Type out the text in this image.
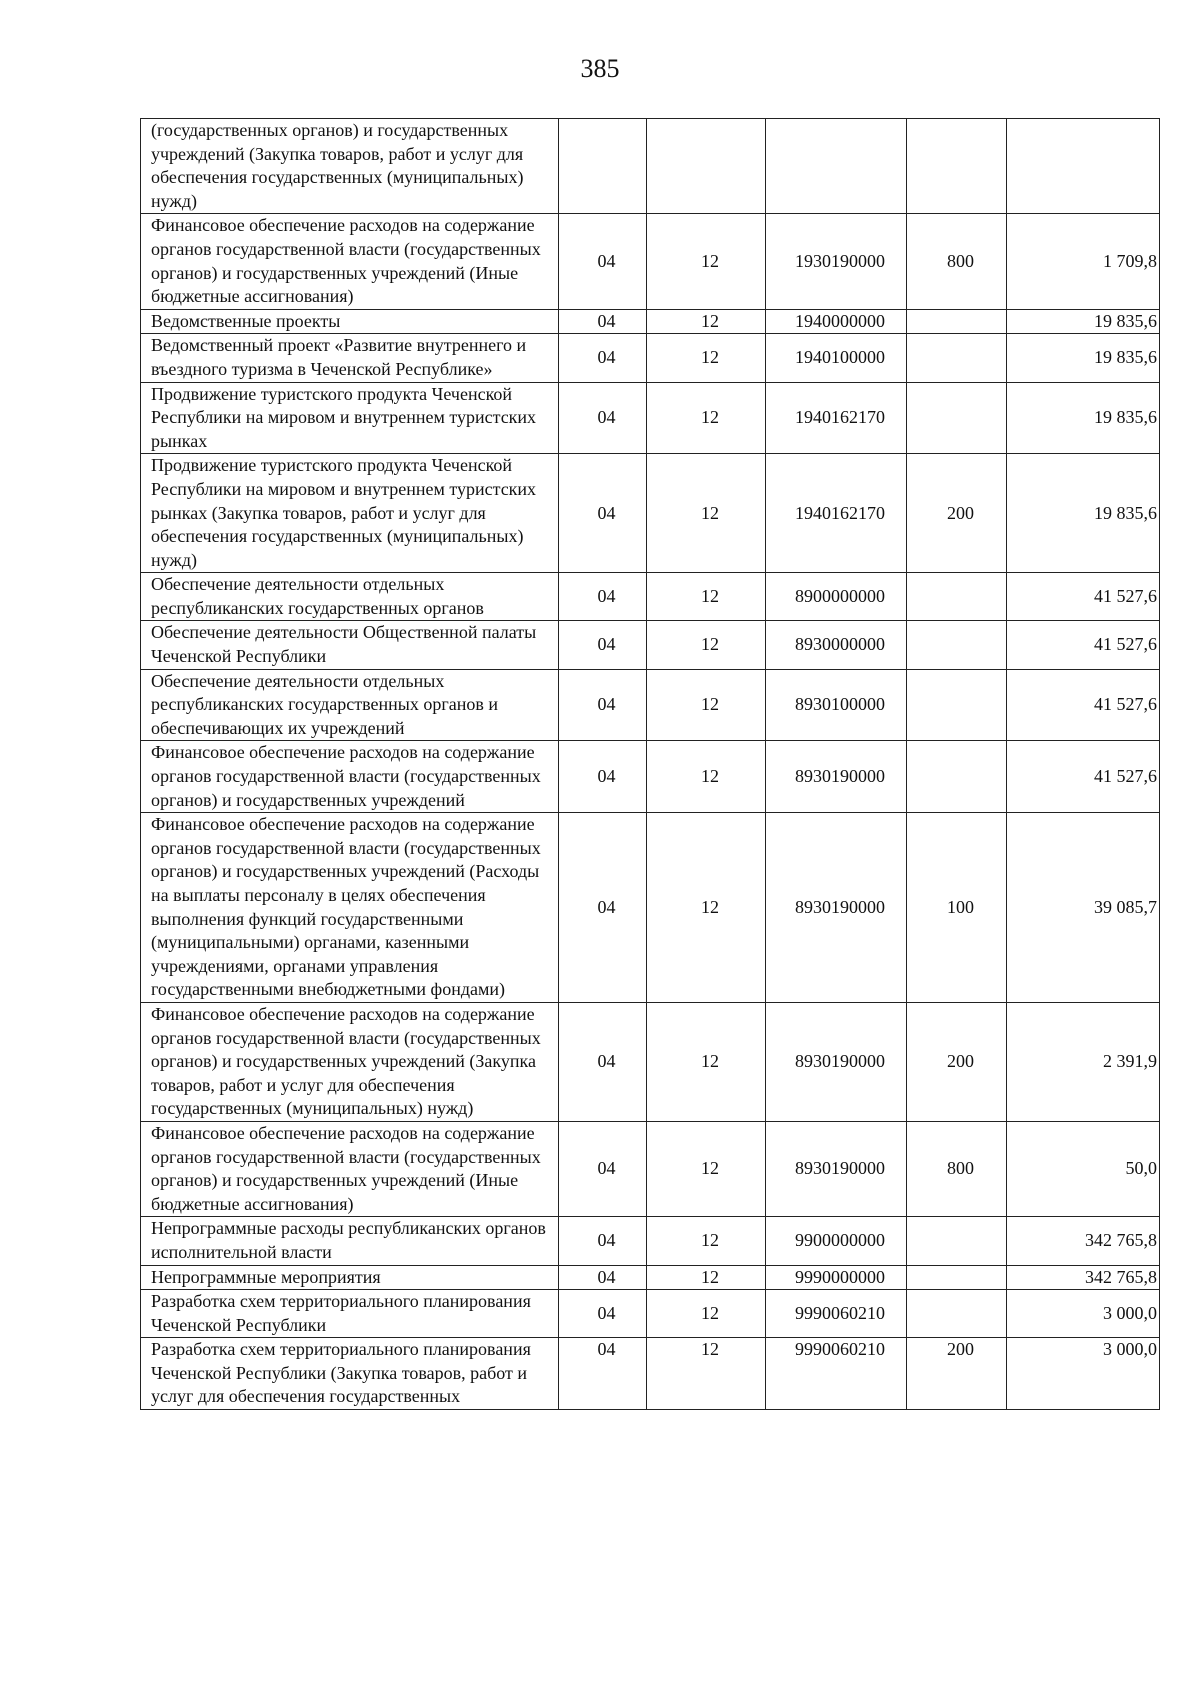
385
(государственных органов) и государственных учреждений (Закупка товаров, работ и услуг для обеспечения государственных (муниципальных) нужд)					
Финансовое обеспечение расходов на содержание органов государственной власти (государственных органов) и государственных учреждений (Иные бюджетные ассигнования)	04	12	1930190000	800	1 709,8
Ведомственные проекты	04	12	1940000000		19 835,6
Ведомственный проект «Развитие внутреннего и въездного туризма в Чеченской Республике»	04	12	1940100000		19 835,6
Продвижение туристского продукта Чеченской Республики на мировом и внутреннем туристских рынках	04	12	1940162170		19 835,6
Продвижение туристского продукта Чеченской Республики на мировом и внутреннем туристских рынках (Закупка товаров, работ и услуг для обеспечения государственных (муниципальных) нужд)	04	12	1940162170	200	19 835,6
Обеспечение деятельности отдельных республиканских государственных органов	04	12	8900000000		41 527,6
Обеспечение деятельности Общественной палаты Чеченской Республики	04	12	8930000000		41 527,6
Обеспечение деятельности отдельных республиканских государственных органов и обеспечивающих их учреждений	04	12	8930100000		41 527,6
Финансовое обеспечение расходов на содержание органов государственной власти (государственных органов) и государственных учреждений	04	12	8930190000		41 527,6
Финансовое обеспечение расходов на содержание органов государственной власти (государственных органов) и государственных учреждений (Расходы на выплаты персоналу в целях обеспечения выполнения функций государственными (муниципальными) органами, казенными учреждениями, органами управления государственными внебюджетными фондами)	04	12	8930190000	100	39 085,7
Финансовое обеспечение расходов на содержание органов государственной власти (государственных органов) и государственных учреждений (Закупка товаров, работ и услуг для обеспечения государственных (муниципальных) нужд)	04	12	8930190000	200	2 391,9
Финансовое обеспечение расходов на содержание органов государственной власти (государственных органов) и государственных учреждений (Иные бюджетные ассигнования)	04	12	8930190000	800	50,0
Непрограммные расходы республиканских органов исполнительной власти	04	12	9900000000		342 765,8
Непрограммные мероприятия	04	12	9990000000		342 765,8
Разработка схем территориального планирования Чеченской Республики	04	12	9990060210		3 000,0
Разработка схем территориального планирования Чеченской Республики (Закупка товаров, работ и услуг для обеспечения государственных	04	12	9990060210	200	3 000,0
